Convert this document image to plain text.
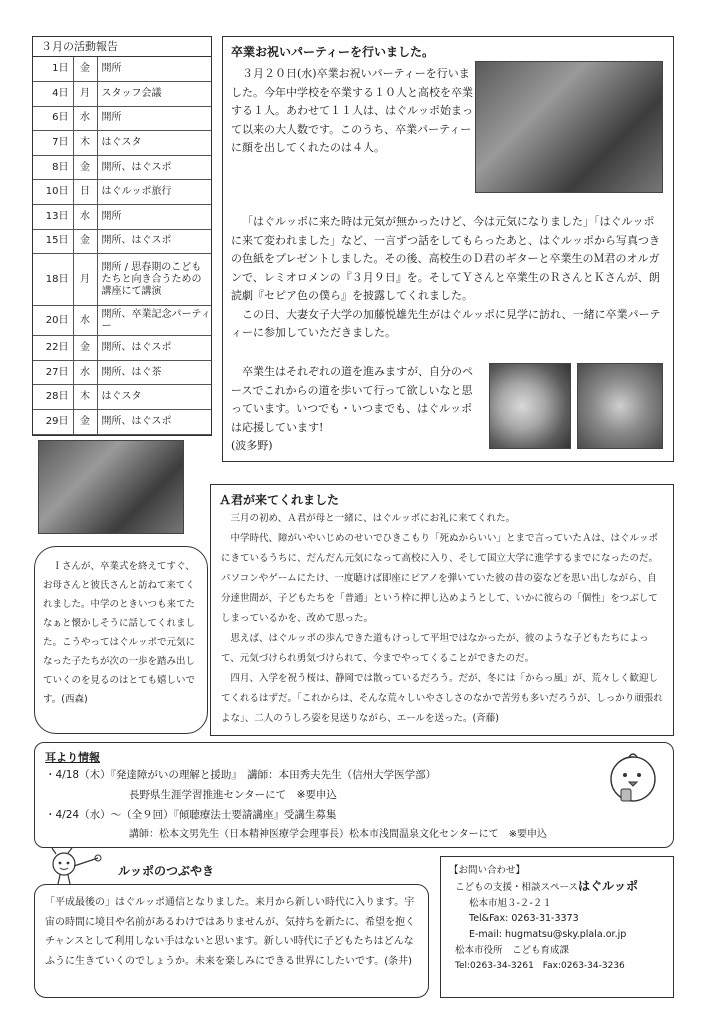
３月の活動報告
1日	金	開所
4日	月	スタッフ会議
6日	水	開所
7日	木	はぐスタ
8日	金	開所、はぐスポ
10日	日	はぐルッポ旅行
13日	水	開所
15日	金	開所、はぐスポ
18日	月	開所 / 思春期のこどもたちと向き合うための講座にて講演
20日	水	開所、卒業記念パーティー
22日	金	開所、はぐスポ
27日	水	開所、はぐ茶
28日	木	はぐスタ
29日	金	開所、はぐスポ

Ｉさんが、卒業式を終えてすぐ、お母さんと彼氏さんと訪ねて来てくれました。中学のときいつも来てたなぁと懐かしそうに話してくれました。こうやってはぐルッポで元気になった子たちが次の一歩を踏み出していくのを見るのはとても嬉しいです。(西森)

卒業お祝いパーティーを行いました。

３月２０日(水)卒業お祝いパーティーを行いました。今年中学校を卒業する１０人と高校を卒業する１人。あわせて１１人は、はぐルッポ始まって以来の大人数です。このうち、卒業パーティーに顔を出してくれたのは４人。

「はぐルッポに来た時は元気が無かったけど、今は元気になりました」「はぐルッポに来て変われました」など、一言ずつ話をしてもらったあと、はぐルッポから写真つきの色紙をプレゼントしました。その後、高校生のＤ君のギターと卒業生のＭ君のオルガンで、レミオロメンの『３月９日』を。そしてＹさんと卒業生のＲさんとＫさんが、朗読劇『セピア色の僕ら』を披露してくれました。

この日、大妻女子大学の加藤悦雄先生がはぐルッポに見学に訪れ、一緒に卒業パーティーに参加していただきました。

卒業生はそれぞれの道を進みますが、自分のペースでこれからの道を歩いて行って欲しいなと思っています。いつでも・いつまでも、はぐルッポは応援しています!

(波多野)

Ａ君が来てくれました

三月の初め、Ａ君が母と一緒に、はぐルッポにお礼に来てくれた。

中学時代、障がいやいじめのせいでひきこもり「死ぬからいい」とまで言っていたＡは、はぐルッポにきているうちに、だんだん元気になって高校に入り、そして国立大学に進学するまでになったのだ。パソコンやゲームにたけ、一度聴けば即座にピアノを弾いていた彼の昔の姿などを思い出しながら、自分達世間が、子どもたちを「普通」という枠に押し込めようとして、いかに彼らの「個性」をつぶしてしまっているかを、改めて思った。

思えば、はぐルッポの歩んできた道もけっして平坦ではなかったが、彼のような子どもたちによって、元気づけられ勇気づけられて、今までやってくることができたのだ。

四月、入学を祝う桜は、静岡では散っているだろう。だが、冬には「からっ風」が、荒々しく歓迎してくれるはずだ。「これからは、そんな荒々しいやさしさのなかで苦労も多いだろうが、しっかり頑張れよな」、二人のうしろ姿を見送りながら、エールを送った。(斉藤)

耳より情報
・4/18（木）『発達障がいの理解と援助』　講師：本田秀夫先生（信州大学医学部）
長野県生涯学習推進センターにて　※要申込
・4/24（水）～（全９回）『傾聴療法士要請講座』受講生募集
講師：松本文男先生（日本精神医療学会理事長）松本市浅間温泉文化センターにて　※要申込
ルッポのつぶやき

「平成最後の」はぐルッポ通信となりました。来月から新しい時代に入ります。宇宙の時間に境目や名前があるわけではありませんが、気持ちを新たに、希望を抱くチャンスとして利用しない手はないと思います。新しい時代に子どもたちはどんなふうに生きていくのでしょうか。未来を楽しみにできる世界にしたいです。(条井)

【お問い合わせ】
こどもの支援・相談スペースはぐルッポ
松本市旭３-２-２１
Tel&Fax: 0263-31-3373
E-mail: hugmatsu@sky.plala.or.jp
松本市役所　こども育成課
Tel:0263-34-3261　Fax:0263-34-3236
